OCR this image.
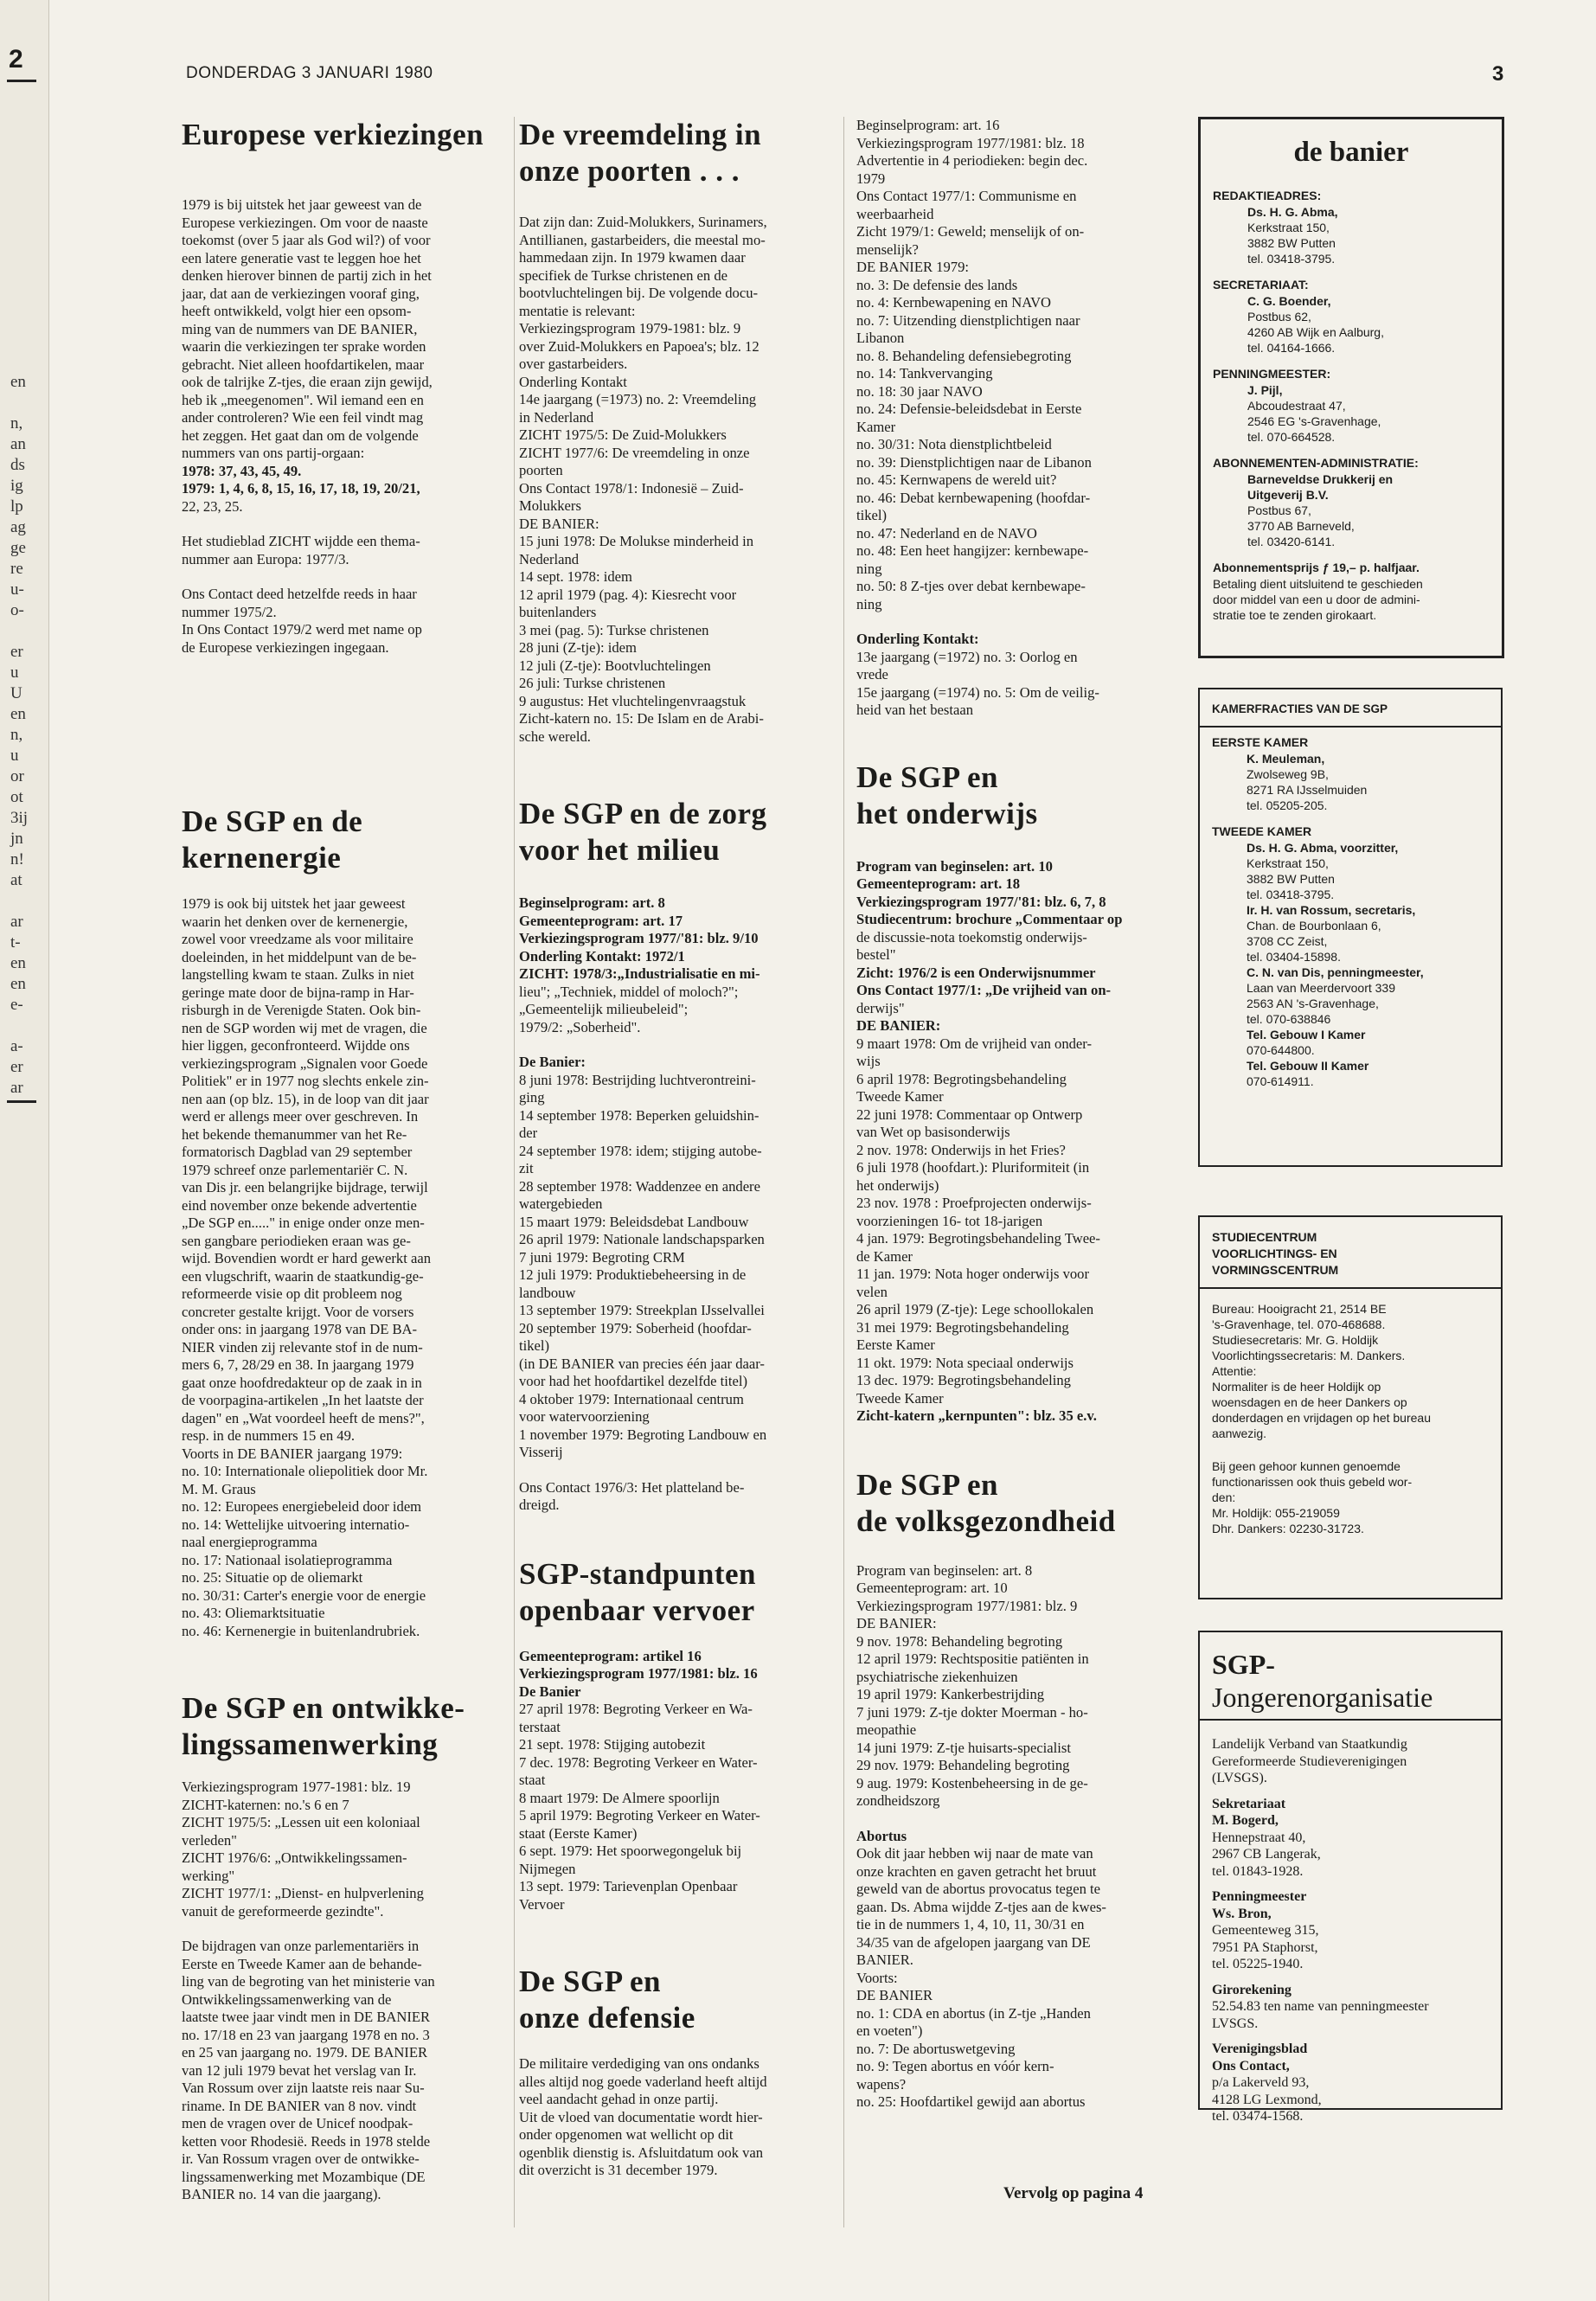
2
en
n,
an
ds
ig
lp
ag
ge
re
u-
o-
er
u
U
en
n,
u
or
ot
3ij
jn
n!
at
ar
t-
en
en
e-
a-
er
ar
DONDERDAG 3 JANUARI 1980	3
Europese verkiezingen
1979 is bij uitstek het jaar geweest van de
Europese verkiezingen. Om voor de naaste
toekomst (over 5 jaar als God wil?) of voor
een latere generatie vast te leggen hoe het
denken hierover binnen de partij zich in het
jaar, dat aan de verkiezingen vooraf ging,
heeft ontwikkeld, volgt hier een opsom-
ming van de nummers van DE BANIER,
waarin die verkiezingen ter sprake worden
gebracht. Niet alleen hoofdartikelen, maar
ook de talrijke Z-tjes, die eraan zijn gewijd,
heb ik „meegenomen". Wil iemand een en
ander controleren? Wie een feil vindt mag
het zeggen. Het gaat dan om de volgende
nummers van ons partij-orgaan:
1978: 37, 43, 45, 49.
1979: 1, 4, 6, 8, 15, 16, 17, 18, 19, 20/21,
22, 23, 25.
Het studieblad ZICHT wijdde een thema-
nummer aan Europa: 1977/3.
Ons Contact deed hetzelfde reeds in haar
nummer 1975/2.
In Ons Contact 1979/2 werd met name op
de Europese verkiezingen ingegaan.
De SGP en de
kernenergie
1979 is ook bij uitstek het jaar geweest
waarin het denken over de kernenergie,
zowel voor vreedzame als voor militaire
doeleinden, in het middelpunt van de be-
langstelling kwam te staan. Zulks in niet
geringe mate door de bijna-ramp in Har-
risburgh in de Verenigde Staten. Ook bin-
nen de SGP worden wij met de vragen, die
hier liggen, geconfronteerd. Wijdde ons
verkiezingsprogram „Signalen voor Goede
Politiek" er in 1977 nog slechts enkele zin-
nen aan (op blz. 15), in de loop van dit jaar
werd er allengs meer over geschreven. In
het bekende themanummer van het Re-
formatorisch Dagblad van 29 september
1979 schreef onze parlementariër C. N.
van Dis jr. een belangrijke bijdrage, terwijl
eind november onze bekende advertentie
„De SGP en....." in enige onder onze men-
sen gangbare periodieken eraan was ge-
wijd. Bovendien wordt er hard gewerkt aan
een vlugschrift, waarin de staatkundig-ge-
reformeerde visie op dit probleem nog
concreter gestalte krijgt. Voor de vorsers
onder ons: in jaargang 1978 van DE BA-
NIER vinden zij relevante stof in de num-
mers 6, 7, 28/29 en 38. In jaargang 1979
gaat onze hoofdredakteur op de zaak in in
de voorpagina-artikelen „In het laatste der
dagen" en „Wat voordeel heeft de mens?",
resp. in de nummers 15 en 49.
Voorts in DE BANIER jaargang 1979:
no. 10: Internationale oliepolitiek door Mr.
M. M. Graus
no. 12: Europees energiebeleid door idem
no. 14: Wettelijke uitvoering internatio-
naal energieprogramma
no. 17: Nationaal isolatieprogramma
no. 25: Situatie op de oliemarkt
no. 30/31: Carter's energie voor de energie
no. 43: Oliemarktsituatie
no. 46: Kernenergie in buitenlandrubriek.
De SGP en ontwikke-
lingssamenwerking
Verkiezingsprogram 1977-1981: blz. 19
ZICHT-katernen: no.'s 6 en 7
ZICHT 1975/5: „Lessen uit een koloniaal
verleden"
ZICHT 1976/6: „Ontwikkelingssamen-
werking"
ZICHT 1977/1: „Dienst- en hulpverlening
vanuit de gereformeerde gezindte".
De bijdragen van onze parlementariërs in
Eerste en Tweede Kamer aan de behande-
ling van de begroting van het ministerie van
Ontwikkelingssamenwerking van de
laatste twee jaar vindt men in DE BANIER
no. 17/18 en 23 van jaargang 1978 en no. 3
en 25 van jaargang no. 1979. DE BANIER
van 12 juli 1979 bevat het verslag van Ir.
Van Rossum over zijn laatste reis naar Su-
riname. In DE BANIER van 8 nov. vindt
men de vragen over de Unicef noodpak-
ketten voor Rhodesië. Reeds in 1978 stelde
ir. Van Rossum vragen over de ontwikke-
lingssamenwerking met Mozambique (DE
BANIER no. 14 van die jaargang).
De vreemdeling in
onze poorten . . .
Dat zijn dan: Zuid-Molukkers, Surinamers,
Antillianen, gastarbeiders, die meestal mo-
hammedaan zijn. In 1979 kwamen daar
specifiek de Turkse christenen en de
bootvluchtelingen bij. De volgende docu-
mentatie is relevant:
Verkiezingsprogram 1979-1981: blz. 9
over Zuid-Molukkers en Papoea's; blz. 12
over gastarbeiders.
Onderling Kontakt
14e jaargang (=1973) no. 2: Vreemdeling
in Nederland
ZICHT 1975/5: De Zuid-Molukkers
ZICHT 1977/6: De vreemdeling in onze
poorten
Ons Contact 1978/1: Indonesië – Zuid-
Molukkers
DE BANIER:
15 juni 1978: De Molukse minderheid in
Nederland
14 sept. 1978: idem
12 april 1979 (pag. 4): Kiesrecht voor
buitenlanders
3 mei (pag. 5): Turkse christenen
28 juni (Z-tje): idem
12 juli (Z-tje): Bootvluchtelingen
26 juli: Turkse christenen
9 augustus: Het vluchtelingenvraagstuk
Zicht-katern no. 15: De Islam en de Arabi-
sche wereld.
De SGP en de zorg
voor het milieu
Beginselprogram: art. 8
Gemeenteprogram: art. 17
Verkiezingsprogram 1977/'81: blz. 9/10
Onderling Kontakt: 1972/1
ZICHT: 1978/3:„Industrialisatie en mi-
lieu"; „Techniek, middel of moloch?";
„Gemeentelijk milieubeleid";
1979/2: „Soberheid".
De Banier:
8 juni 1978: Bestrijding luchtverontreini-
ging
14 september 1978: Beperken geluidshin-
der
24 september 1978: idem; stijging autobe-
zit
28 september 1978: Waddenzee en andere
watergebieden
15 maart 1979: Beleidsdebat Landbouw
26 april 1979: Nationale landschapsparken
7 juni 1979: Begroting CRM
12 juli 1979: Produktiebeheersing in de
landbouw
13 september 1979: Streekplan IJsselvallei
20 september 1979: Soberheid (hoofdar-
tikel)
(in DE BANIER van precies één jaar daar-
voor had het hoofdartikel dezelfde titel)
4 oktober 1979: Internationaal centrum
voor watervoorziening
1 november 1979: Begroting Landbouw en
Visserij
Ons Contact 1976/3: Het platteland be-
dreigd.
SGP-standpunten
openbaar vervoer
Gemeenteprogram: artikel 16
Verkiezingsprogram 1977/1981: blz. 16
De Banier
27 april 1978: Begroting Verkeer en Wa-
terstaat
21 sept. 1978: Stijging autobezit
7 dec. 1978: Begroting Verkeer en Water-
staat
8 maart 1979: De Almere spoorlijn
5 april 1979: Begroting Verkeer en Water-
staat (Eerste Kamer)
6 sept. 1979: Het spoorwegongeluk bij
Nijmegen
13 sept. 1979: Tarievenplan Openbaar
Vervoer
De SGP en
onze defensie
De militaire verdediging van ons ondanks
alles altijd nog goede vaderland heeft altijd
veel aandacht gehad in onze partij.
Uit de vloed van documentatie wordt hier-
onder opgenomen wat wellicht op dit
ogenblik dienstig is. Afsluitdatum ook van
dit overzicht is 31 december 1979.
Beginselprogram: art. 16
Verkiezingsprogram 1977/1981: blz. 18
Advertentie in 4 periodieken: begin dec.
1979
Ons Contact 1977/1: Communisme en
weerbaarheid
Zicht 1979/1: Geweld; menselijk of on-
menselijk?
DE BANIER 1979:
no. 3: De defensie des lands
no. 4: Kernbewapening en NAVO
no. 7: Uitzending dienstplichtigen naar
Libanon
no. 8. Behandeling defensiebegroting
no. 14: Tankvervanging
no. 18: 30 jaar NAVO
no. 24: Defensie-beleidsdebat in Eerste
Kamer
no. 30/31: Nota dienstplichtbeleid
no. 39: Dienstplichtigen naar de Libanon
no. 45: Kernwapens de wereld uit?
no. 46: Debat kernbewapening (hoofdar-
tikel)
no. 47: Nederland en de NAVO
no. 48: Een heet hangijzer: kernbewape-
ning
no. 50: 8 Z-tjes over debat kernbewape-
ning
Onderling Kontakt:
13e jaargang (=1972) no. 3: Oorlog en
vrede
15e jaargang (=1974) no. 5: Om de veilig-
heid van het bestaan
De SGP en
het onderwijs
Program van beginselen: art. 10
Gemeenteprogram: art. 18
Verkiezingsprogram 1977/'81: blz. 6, 7, 8
Studiecentrum: brochure „Commentaar op
de discussie-nota toekomstig onderwijs-
bestel"
Zicht: 1976/2 is een Onderwijsnummer
Ons Contact 1977/1: „De vrijheid van on-
derwijs"
DE BANIER:
9 maart 1978: Om de vrijheid van onder-
wijs
6 april 1978: Begrotingsbehandeling
Tweede Kamer
22 juni 1978: Commentaar op Ontwerp
van Wet op basisonderwijs
2 nov. 1978: Onderwijs in het Fries?
6 juli 1978 (hoofdart.): Pluriformiteit (in
het onderwijs)
23 nov. 1978 : Proefprojecten onderwijs-
voorzieningen 16- tot 18-jarigen
4 jan. 1979: Begrotingsbehandeling Twee-
de Kamer
11 jan. 1979: Nota hoger onderwijs voor
velen
26 april 1979 (Z-tje): Lege schoollokalen
31 mei 1979: Begrotingsbehandeling
Eerste Kamer
11 okt. 1979: Nota speciaal onderwijs
13 dec. 1979: Begrotingsbehandeling
Tweede Kamer
Zicht-katern „kernpunten": blz. 35 e.v.
De SGP en
de volksgezondheid
Program van beginselen: art. 8
Gemeenteprogram: art. 10
Verkiezingsprogram 1977/1981: blz. 9
DE BANIER:
9 nov. 1978: Behandeling begroting
12 april 1979: Rechtspositie patiënten in
psychiatrische ziekenhuizen
19 april 1979: Kankerbestrijding
7 juni 1979: Z-tje dokter Moerman - ho-
meopathie
14 juni 1979: Z-tje huisarts-specialist
29 nov. 1979: Behandeling begroting
9 aug. 1979: Kostenbeheersing in de ge-
zondheidszorg
Abortus
Ook dit jaar hebben wij naar de mate van
onze krachten en gaven getracht het bruut
geweld van de abortus provocatus tegen te
gaan. Ds. Abma wijdde Z-tjes aan de kwes-
tie in de nummers 1, 4, 10, 11, 30/31 en
34/35 van de afgelopen jaargang van DE
BANIER.
Voorts:
DE BANIER
no. 1: CDA en abortus (in Z-tje „Handen
en voeten")
no. 7: De abortuswetgeving
no. 9: Tegen abortus en vóór kern-
wapens?
no. 25: Hoofdartikel gewijd aan abortus
Vervolg op pagina 4
de banier
REDAKTIEADRES:
Ds. H. G. Abma,
Kerkstraat 150,
3882 BW Putten
tel. 03418-3795.
SECRETARIAAT:
C. G. Boender,
Postbus 62,
4260 AB Wijk en Aalburg,
tel. 04164-1666.
PENNINGMEESTER:
J. Pijl,
Abcoudestraat 47,
2546 EG 's-Gravenhage,
tel. 070-664528.
ABONNEMENTEN-ADMINISTRATIE:
Barneveldse Drukkerij en
Uitgeverij B.V.
Postbus 67,
3770 AB Barneveld,
tel. 03420-6141.
Abonnementsprijs ƒ 19,– p. halfjaar.
Betaling dient uitsluitend te geschieden
door middel van een u door de admini-
stratie toe te zenden girokaart.
KAMERFRACTIES VAN DE SGP
EERSTE KAMER
K. Meuleman,
Zwolseweg 9B,
8271 RA IJsselmuiden
tel. 05205-205.
TWEEDE KAMER
Ds. H. G. Abma, voorzitter,
Kerkstraat 150,
3882 BW Putten
tel. 03418-3795.
Ir. H. van Rossum, secretaris,
Chan. de Bourbonlaan 6,
3708 CC Zeist,
tel. 03404-15898.
C. N. van Dis, penningmeester,
Laan van Meerdervoort 339
2563 AN 's-Gravenhage,
tel. 070-638846
Tel. Gebouw I Kamer
070-644800.
Tel. Gebouw II Kamer
070-614911.
STUDIECENTRUM
VOORLICHTINGS- EN
VORMINGSCENTRUM
Bureau: Hooigracht 21, 2514 BE
's-Gravenhage, tel. 070-468688.
Studiesecretaris: Mr. G. Holdijk
Voorlichtingssecretaris: M. Dankers.
Attentie:
Normaliter is de heer Holdijk op
woensdagen en de heer Dankers op
donderdagen en vrijdagen op het bureau
aanwezig.
Bij geen gehoor kunnen genoemde
functionarissen ook thuis gebeld wor-
den:
Mr. Holdijk: 055-219059
Dhr. Dankers: 02230-31723.
SGP-
Jongerenorganisatie
Landelijk Verband van Staatkundig
Gereformeerde Studieverenigingen
(LVSGS).
Sekretariaat
M. Bogerd,
Hennepstraat 40,
2967 CB Langerak,
tel. 01843-1928.
Penningmeester
Ws. Bron,
Gemeenteweg 315,
7951 PA Staphorst,
tel. 05225-1940.
Girorekening
52.54.83 ten name van penningmeester
LVSGS.
Verenigingsblad
Ons Contact,
p/a Lakerveld 93,
4128 LG Lexmond,
tel. 03474-1568.
